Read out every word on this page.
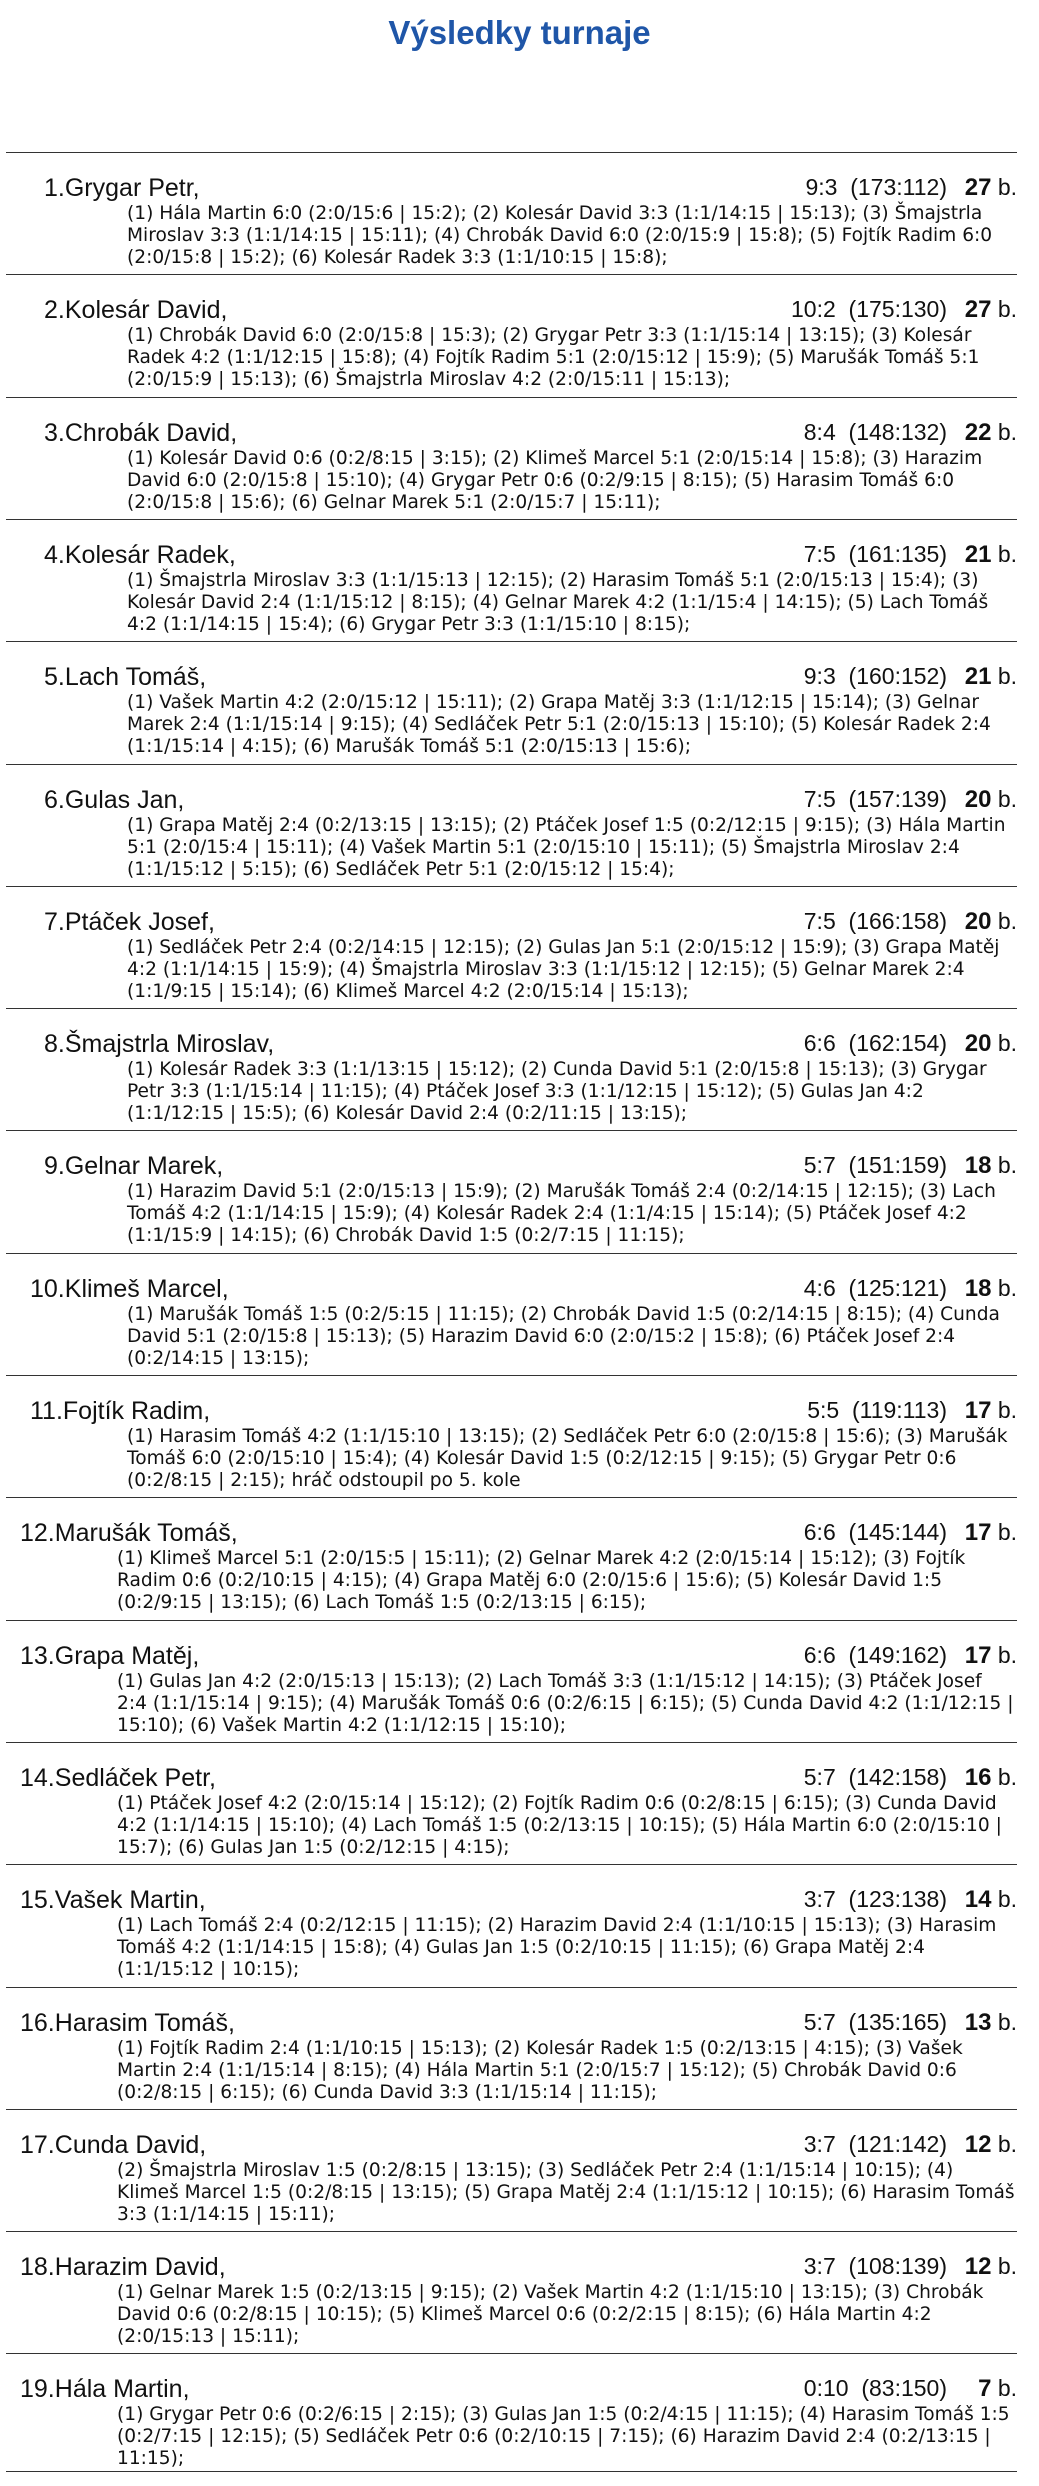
Výsledky turnaje
1.Grygar Petr,	9:3 (173:112) 27 b.
(1) Hála Martin 6:0 (2:0/15:6 | 15:2); (2) Kolesár David 3:3 (1:1/14:15 | 15:13); (3) Šmajstrla Miroslav 3:3 (1:1/14:15 | 15:11); (4) Chrobák David 6:0 (2:0/15:9 | 15:8); (5) Fojtík Radim 6:0 (2:0/15:8 | 15:2); (6) Kolesár Radek 3:3 (1:1/10:15 | 15:8);
2.Kolesár David,	10:2 (175:130) 27 b.
(1) Chrobák David 6:0 (2:0/15:8 | 15:3); (2) Grygar Petr 3:3 (1:1/15:14 | 13:15); (3) Kolesár Radek 4:2 (1:1/12:15 | 15:8); (4) Fojtík Radim 5:1 (2:0/15:12 | 15:9); (5) Marušák Tomáš 5:1 (2:0/15:9 | 15:13); (6) Šmajstrla Miroslav 4:2 (2:0/15:11 | 15:13);
3.Chrobák David,	8:4 (148:132) 22 b.
(1) Kolesár David 0:6 (0:2/8:15 | 3:15); (2) Klimeš Marcel 5:1 (2:0/15:14 | 15:8); (3) Harazim David 6:0 (2:0/15:8 | 15:10); (4) Grygar Petr 0:6 (0:2/9:15 | 8:15); (5) Harasim Tomáš 6:0 (2:0/15:8 | 15:6); (6) Gelnar Marek 5:1 (2:0/15:7 | 15:11);
4.Kolesár Radek,	7:5 (161:135) 21 b.
(1) Šmajstrla Miroslav 3:3 (1:1/15:13 | 12:15); (2) Harasim Tomáš 5:1 (2:0/15:13 | 15:4); (3) Kolesár David 2:4 (1:1/15:12 | 8:15); (4) Gelnar Marek 4:2 (1:1/15:4 | 14:15); (5) Lach Tomáš 4:2 (1:1/14:15 | 15:4); (6) Grygar Petr 3:3 (1:1/15:10 | 8:15);
5.Lach Tomáš,	9:3 (160:152) 21 b.
(1) Vašek Martin 4:2 (2:0/15:12 | 15:11); (2) Grapa Matěj 3:3 (1:1/12:15 | 15:14); (3) Gelnar Marek 2:4 (1:1/15:14 | 9:15); (4) Sedláček Petr 5:1 (2:0/15:13 | 15:10); (5) Kolesár Radek 2:4 (1:1/15:14 | 4:15); (6) Marušák Tomáš 5:1 (2:0/15:13 | 15:6);
6.Gulas Jan,	7:5 (157:139) 20 b.
(1) Grapa Matěj 2:4 (0:2/13:15 | 13:15); (2) Ptáček Josef 1:5 (0:2/12:15 | 9:15); (3) Hála Martin 5:1 (2:0/15:4 | 15:11); (4) Vašek Martin 5:1 (2:0/15:10 | 15:11); (5) Šmajstrla Miroslav 2:4 (1:1/15:12 | 5:15); (6) Sedláček Petr 5:1 (2:0/15:12 | 15:4);
7.Ptáček Josef,	7:5 (166:158) 20 b.
(1) Sedláček Petr 2:4 (0:2/14:15 | 12:15); (2) Gulas Jan 5:1 (2:0/15:12 | 15:9); (3) Grapa Matěj 4:2 (1:1/14:15 | 15:9); (4) Šmajstrla Miroslav 3:3 (1:1/15:12 | 12:15); (5) Gelnar Marek 2:4 (1:1/9:15 | 15:14); (6) Klimeš Marcel 4:2 (2:0/15:14 | 15:13);
8.Šmajstrla Miroslav,	6:6 (162:154) 20 b.
(1) Kolesár Radek 3:3 (1:1/13:15 | 15:12); (2) Cunda David 5:1 (2:0/15:8 | 15:13); (3) Grygar Petr 3:3 (1:1/15:14 | 11:15); (4) Ptáček Josef 3:3 (1:1/12:15 | 15:12); (5) Gulas Jan 4:2 (1:1/12:15 | 15:5); (6) Kolesár David 2:4 (0:2/11:15 | 13:15);
9.Gelnar Marek,	5:7 (151:159) 18 b.
(1) Harazim David 5:1 (2:0/15:13 | 15:9); (2) Marušák Tomáš 2:4 (0:2/14:15 | 12:15); (3) Lach Tomáš 4:2 (1:1/14:15 | 15:9); (4) Kolesár Radek 2:4 (1:1/4:15 | 15:14); (5) Ptáček Josef 4:2 (1:1/15:9 | 14:15); (6) Chrobák David 1:5 (0:2/7:15 | 11:15);
10.Klimeš Marcel,	4:6 (125:121) 18 b.
(1) Marušák Tomáš 1:5 (0:2/5:15 | 11:15); (2) Chrobák David 1:5 (0:2/14:15 | 8:15); (4) Cunda David 5:1 (2:0/15:8 | 15:13); (5) Harazim David 6:0 (2:0/15:2 | 15:8); (6) Ptáček Josef 2:4 (0:2/14:15 | 13:15);
11.Fojtík Radim,	5:5 (119:113) 17 b.
(1) Harasim Tomáš 4:2 (1:1/15:10 | 13:15); (2) Sedláček Petr 6:0 (2:0/15:8 | 15:6); (3) Marušák Tomáš 6:0 (2:0/15:10 | 15:4); (4) Kolesár David 1:5 (0:2/12:15 | 9:15); (5) Grygar Petr 0:6 (0:2/8:15 | 2:15); hráč odstoupil po 5. kole
12.Marušák Tomáš,	6:6 (145:144) 17 b.
(1) Klimeš Marcel 5:1 (2:0/15:5 | 15:11); (2) Gelnar Marek 4:2 (2:0/15:14 | 15:12); (3) Fojtík Radim 0:6 (0:2/10:15 | 4:15); (4) Grapa Matěj 6:0 (2:0/15:6 | 15:6); (5) Kolesár David 1:5 (0:2/9:15 | 13:15); (6) Lach Tomáš 1:5 (0:2/13:15 | 6:15);
13.Grapa Matěj,	6:6 (149:162) 17 b.
(1) Gulas Jan 4:2 (2:0/15:13 | 15:13); (2) Lach Tomáš 3:3 (1:1/15:12 | 14:15); (3) Ptáček Josef 2:4 (1:1/15:14 | 9:15); (4) Marušák Tomáš 0:6 (0:2/6:15 | 6:15); (5) Cunda David 4:2 (1:1/12:15 | 15:10); (6) Vašek Martin 4:2 (1:1/12:15 | 15:10);
14.Sedláček Petr,	5:7 (142:158) 16 b.
(1) Ptáček Josef 4:2 (2:0/15:14 | 15:12); (2) Fojtík Radim 0:6 (0:2/8:15 | 6:15); (3) Cunda David 4:2 (1:1/14:15 | 15:10); (4) Lach Tomáš 1:5 (0:2/13:15 | 10:15); (5) Hála Martin 6:0 (2:0/15:10 | 15:7); (6) Gulas Jan 1:5 (0:2/12:15 | 4:15);
15.Vašek Martin,	3:7 (123:138) 14 b.
(1) Lach Tomáš 2:4 (0:2/12:15 | 11:15); (2) Harazim David 2:4 (1:1/10:15 | 15:13); (3) Harasim Tomáš 4:2 (1:1/14:15 | 15:8); (4) Gulas Jan 1:5 (0:2/10:15 | 11:15); (6) Grapa Matěj 2:4 (1:1/15:12 | 10:15);
16.Harasim Tomáš,	5:7 (135:165) 13 b.
(1) Fojtík Radim 2:4 (1:1/10:15 | 15:13); (2) Kolesár Radek 1:5 (0:2/13:15 | 4:15); (3) Vašek Martin 2:4 (1:1/15:14 | 8:15); (4) Hála Martin 5:1 (2:0/15:7 | 15:12); (5) Chrobák David 0:6 (0:2/8:15 | 6:15); (6) Cunda David 3:3 (1:1/15:14 | 11:15);
17.Cunda David,	3:7 (121:142) 12 b.
(2) Šmajstrla Miroslav 1:5 (0:2/8:15 | 13:15); (3) Sedláček Petr 2:4 (1:1/15:14 | 10:15); (4) Klimeš Marcel 1:5 (0:2/8:15 | 13:15); (5) Grapa Matěj 2:4 (1:1/15:12 | 10:15); (6) Harasim Tomáš 3:3 (1:1/14:15 | 15:11);
18.Harazim David,	3:7 (108:139) 12 b.
(1) Gelnar Marek 1:5 (0:2/13:15 | 9:15); (2) Vašek Martin 4:2 (1:1/15:10 | 13:15); (3) Chrobák David 0:6 (0:2/8:15 | 10:15); (5) Klimeš Marcel 0:6 (0:2/2:15 | 8:15); (6) Hála Martin 4:2 (2:0/15:13 | 15:11);
19.Hála Martin,	0:10 (83:150)	7 b.
(1) Grygar Petr 0:6 (0:2/6:15 | 2:15); (3) Gulas Jan 1:5 (0:2/4:15 | 11:15); (4) Harasim Tomáš 1:5 (0:2/7:15 | 12:15); (5) Sedláček Petr 0:6 (0:2/10:15 | 7:15); (6) Harazim David 2:4 (0:2/13:15 | 11:15);
